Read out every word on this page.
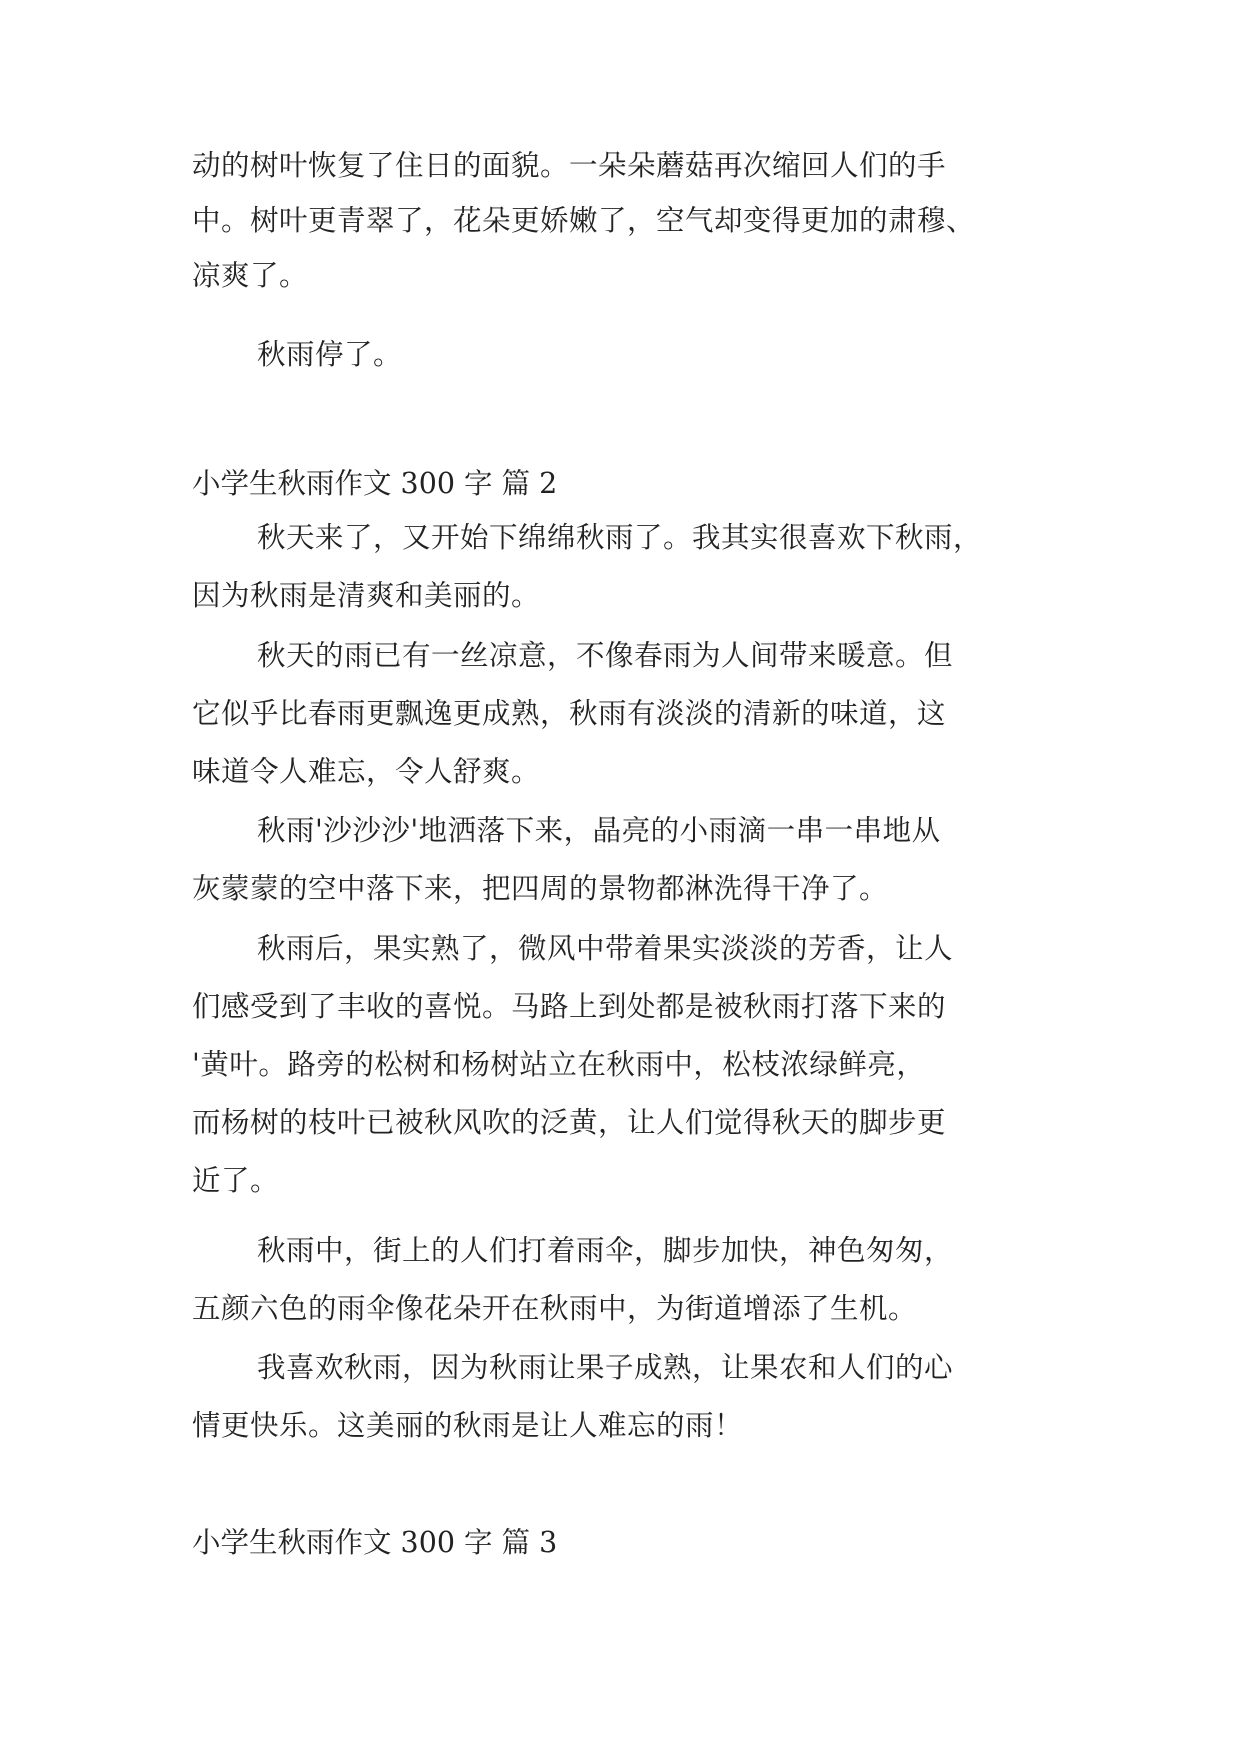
动的树叶恢复了住日的面貌。一朵朵蘑菇再次缩回人们的手
中。树叶更青翠了，花朵更娇嫩了，空气却变得更加的肃穆、
凉爽了。
秋雨停了。
小学生秋雨作文 300 字 篇 2
秋天来了，又开始下绵绵秋雨了。我其实很喜欢下秋雨，
因为秋雨是清爽和美丽的。
秋天的雨已有一丝凉意，不像春雨为人间带来暖意。但
它似乎比春雨更飘逸更成熟，秋雨有淡淡的清新的味道，这
味道令人难忘，令人舒爽。
秋雨'沙沙沙'地洒落下来，晶亮的小雨滴一串一串地从
灰蒙蒙的空中落下来，把四周的景物都淋洗得干净了。
秋雨后，果实熟了，微风中带着果实淡淡的芳香，让人
们感受到了丰收的喜悦。马路上到处都是被秋雨打落下来的
'黄叶。路旁的松树和杨树站立在秋雨中，松枝浓绿鲜亮，
而杨树的枝叶已被秋风吹的泛黄，让人们觉得秋天的脚步更
近了。
秋雨中，街上的人们打着雨伞，脚步加快，神色匆匆，
五颜六色的雨伞像花朵开在秋雨中，为街道增添了生机。
我喜欢秋雨，因为秋雨让果子成熟，让果农和人们的心
情更快乐。这美丽的秋雨是让人难忘的雨！
小学生秋雨作文 300 字 篇 3
